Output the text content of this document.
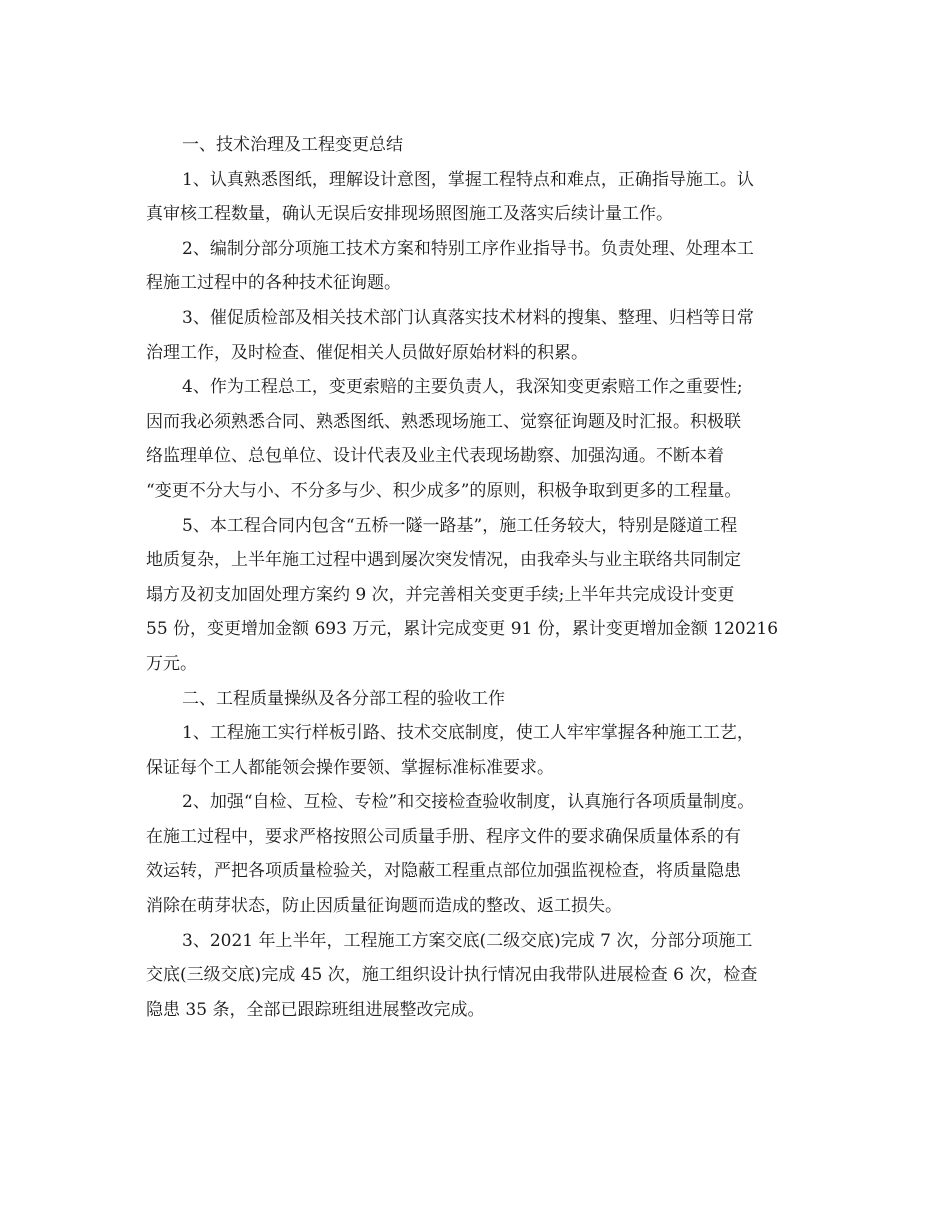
一、技术治理及工程变更总结
1、认真熟悉图纸，理解设计意图，掌握工程特点和难点，正确指导施工。认
真审核工程数量，确认无误后安排现场照图施工及落实后续计量工作。
2、编制分部分项施工技术方案和特别工序作业指导书。负责处理、处理本工
程施工过程中的各种技术征询题。
3、催促质检部及相关技术部门认真落实技术材料的搜集、整理、归档等日常
治理工作，及时检查、催促相关人员做好原始材料的积累。
4、作为工程总工，变更索赔的主要负责人，我深知变更索赔工作之重要性;
因而我必须熟悉合同、熟悉图纸、熟悉现场施工、觉察征询题及时汇报。积极联
络监理单位、总包单位、设计代表及业主代表现场勘察、加强沟通。不断本着
“变更不分大与小、不分多与少、积少成多”的原则，积极争取到更多的工程量。
5、本工程合同内包含“五桥一隧一路基”，施工任务较大，特别是隧道工程
地质复杂，上半年施工过程中遇到屡次突发情况，由我牵头与业主联络共同制定
塌方及初支加固处理方案约 9 次，并完善相关变更手续;上半年共完成设计变更
55 份，变更增加金额 693 万元，累计完成变更 91 份，累计变更增加金额 120216
万元。
二、工程质量操纵及各分部工程的验收工作
1、工程施工实行样板引路、技术交底制度，使工人牢牢掌握各种施工工艺，
保证每个工人都能领会操作要领、掌握标准标准要求。
2、加强“自检、互检、专检”和交接检查验收制度，认真施行各项质量制度。
在施工过程中，要求严格按照公司质量手册、程序文件的要求确保质量体系的有
效运转，严把各项质量检验关，对隐蔽工程重点部位加强监视检查，将质量隐患
消除在萌芽状态，防止因质量征询题而造成的整改、返工损失。
3、2021 年上半年，工程施工方案交底(二级交底)完成 7 次，分部分项施工
交底(三级交底)完成 45 次，施工组织设计执行情况由我带队进展检查 6 次，检查
隐患 35 条，全部已跟踪班组进展整改完成。
